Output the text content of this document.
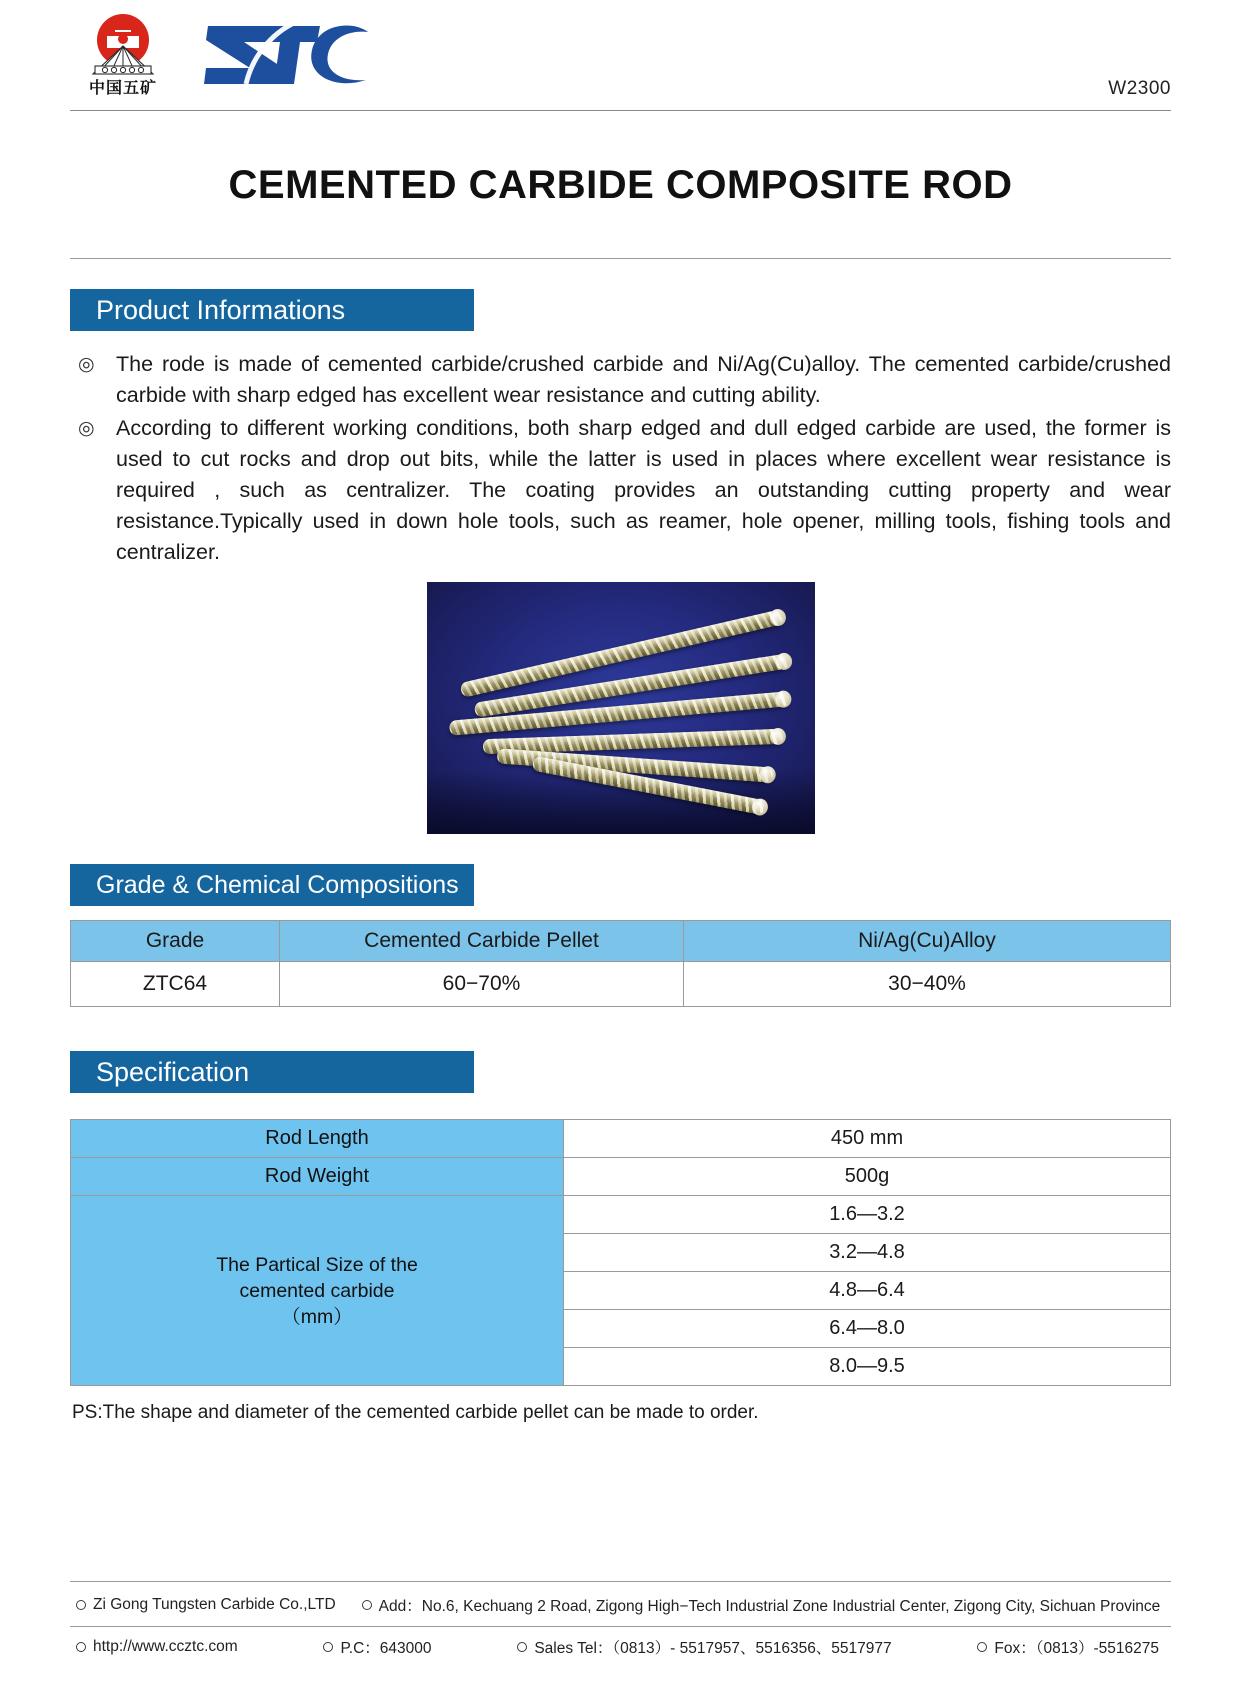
中国五矿	W2300
CEMENTED CARBIDE COMPOSITE ROD
Product Informations
◎ The rode is made of cemented carbide/crushed carbide and Ni/Ag(Cu)alloy. The cemented carbide/crushed carbide with sharp edged has excellent wear resistance and cutting ability.
◎ According to different working conditions, both sharp edged and dull edged carbide are used, the former is used to cut rocks and drop out bits, while the latter is used in places where excellent wear resistance is required , such as centralizer. The coating provides an outstanding cutting property and wear resistance.Typically used in down hole tools, such as reamer, hole opener, milling tools, fishing tools and centralizer.
Grade & Chemical Compositions
Grade	Cemented Carbide Pellet	Ni/Ag(Cu)Alloy
ZTC64	60−70%	30−40%
Specification
Rod Length	450 mm
Rod Weight	500g

The Partical Size of the
cemented carbide
（mm）	1.6—3.2
	3.2—4.8
	4.8—6.4
	6.4—8.0
	8.0—9.5
PS:The shape and diameter of the cemented carbide pellet can be made to order.
Zi Gong Tungsten Carbide Co.,LTD	Add：No.6, Kechuang 2 Road, Zigong High−Tech Industrial Zone Industrial Center, Zigong City, Sichuan Province
http://www.ccztc.com	P.C：643000	Sales Tel：（0813）- 5517957、5516356、5517977	Fox：（0813）-5516275
